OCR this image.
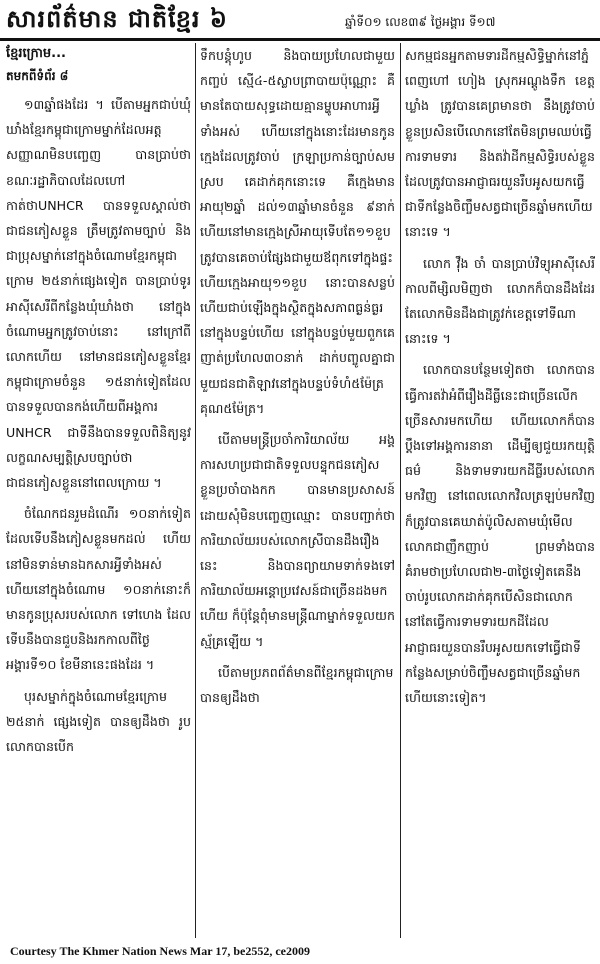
សារព័ត៌មាន ជាតិខ្មែរ ៦	ឆ្នាំទី០១ លេខ៣៩ ថ្ងៃអង្គារ ទី១៧
ខ្មែរក្រោម...
តមកពីទំព័រ ៨

១៣ឆ្នាំផងដែរ ។ បើតាមអ្នកជាប់ឃុំឃាំងខ្មែរកម្ពុជាក្រោមម្នាក់ដែលអត្តសញ្ញាណមិនបញ្ចេញ បានប្រាប់ថា ខណៈរដ្ឋាភិបាលដែលហៅកាត់ថាUNHCR បានទទួលស្គាល់ថា ជាជនភៀសខ្លួន ត្រឹមត្រូវតាមច្បាប់ និងជាប្រុសម្នាក់នៅក្នុងចំណោមខ្មែរកម្ពុជាក្រោម ២៥នាក់ផ្សេងទៀត បានប្រាប់ទូរអាស៊ីសេរីពីកន្លែងឃុំឃាំងថា នៅក្នុងចំណោមអ្នកត្រូវចាប់នោះ នៅក្រៅពីលោកហើយ នៅមានជនភៀសខ្លួនខ្មែរកម្ពុជាក្រោមចំនួន ១៥នាក់ទៀតដែលបានទទួលបានកង់ហើយពីអង្គការ UNHCR ជាទីនឹងបានទទួលពិនិត្យនូវលក្ខណសម្បត្តិស្របច្បាប់ថា ជាជនភៀសខ្លួននៅពេលក្រោយ ។

ចំណែកជនរួមដំណើរ ១០នាក់ទៀត ដែលទើបនឹងភៀសខ្លួនមកដល់ ហើយនៅមិនទាន់មានឯកសារអ្វីទាំងអស់ ហើយនៅក្នុងចំណោម ១០នាក់នោះក៏មានកូនប្រុសរបស់លោក ទៅហេង ដែលទើបនឹងបានជួបនិងរកកាលពីថ្ងៃអង្គារទី១០ ខែមីនានេះផងដែរ ។

បុរសម្នាក់ក្នុងចំណោមខ្មែរក្រោម ២៥នាក់ ផ្សេងទៀត បានឲ្យដឹងថា រូបលោកបានបើក

ទឹកបន្តុំហូប និងបាយប្រហែលជាមួយកញ្ចប់ ស្មើ៤-៥ស្លាបព្រាបាយប៉ុណ្ណោះ គឺមានតែបាយសុទ្ធដោយគ្មានម្ហូបអាហារអ្វីទាំងអស់ ហើយនៅក្នុងនោះដែរមានកូនក្មេងដែលត្រូវចាប់ ក្រឡាប្រកាន់ច្បាប់សមស្រប គេដាក់គុកនោះទេ គឺក្មេងមានអាយុ២ឆ្នាំ ដល់១៣ឆ្នាំមានចំនួន ៩នាក់ ហើយនៅមានក្មេងស្រីអាយុទើបតែ១១ខួប ត្រូវបានគេចាប់ផ្សែងជាមួយឪពុកទៅក្នុងផ្ទះ ហើយក្មេងអាយុ១១ខួប នោះបានសន្លប់ ហើយជាប់ឡើងក្នុងស្ថិតក្នុងសភាពធ្ងន់ធ្ងរនៅក្នុងបន្ទប់ហើយ នៅក្នុងបន្ទប់មួយពួកគេញាត់ប្រហែល៣០នាក់ ដាក់បញ្ចូលគ្នាជាមួយជនជាតិឡាវនៅក្នុងបន្ទប់ទំហំ៥ម៉ែត្រគុណ៥ម៉ែត្រ។

បើតាមមន្ត្រីប្រចាំការិយាល័យ អង្គការសហប្រជាជាតិទទួលបន្ទុកជនភៀសខ្លួនប្រចាំបាងកក បានមានប្រសាសន៍ដោយសុំមិនបញ្ចេញឈ្មោះ បានបញ្ជាក់ថា ការិយាល័យរបស់លោកស្រីបានដឹងរឿងនេះ និងបានព្យាយាមទាក់ទងទៅការិយាល័យអន្តោប្រវេសន៍ជាច្រើនដងមកហើយ ក៏ប៉ុន្តែពុំមានមន្ត្រីណាម្នាក់ទទួលយកស្ម័គ្រឡើយ ។

បើតាមប្រភពព័ត៌មានពីខ្មែរកម្ពុជាក្រោម បានឲ្យដឹងថា

សកម្មជនអ្នកតាមទារដីកម្មសិទ្ធិម្នាក់នៅភ្នំពេញហៅ ហៀង ស្រុកអណ្ដូងទឹក ខេត្តឃ្លាំង ត្រូវបានគេព្រមានថា នឹងត្រូវចាប់ខ្លួនប្រសិនបើលោកនៅតែមិនព្រមឈប់ធ្វើការទាមទារ និងតវ៉ាដីកម្មសិទ្ធិរបស់ខ្លួនដែលត្រូវបានអាជ្ញាធរយួនរឹបអូសយកធ្វើជាទីកន្លែងចិញ្ចឹមសត្វជាច្រើនឆ្នាំមកហើយនោះទេ ។

លោក វ៉ឹង ចាំ បានប្រាប់វិទ្យុអាស៊ីសេរីកាលពីម្សិលមិញថា លោកក៏បានដឹងដែរ តែលោកមិនដឹងជាត្រូវក់ខេត្តទៅទីណានោះទេ ។

លោកបានបន្ថែមទៀតថា លោកបានធ្វើការតវ៉ាអំពីរឿងដីធ្លីនេះជាច្រើនលើកច្រើនសារមកហើយ ហើយលោកក៏បានប្ដឹងទៅអង្គការនានា ដើម្បីឲ្យជួយរកយុត្តិធម៌ និងទាមទារយកដីធ្លីរបស់លោកមកវិញ នៅពេលលោកវិលត្រឡប់មកវិញក៏ត្រូវបានគេឃាត់ប៉ូលិសតាមឃុំមើលលោកជាញឹកញាប់ ព្រមទាំងបានគំរាមថាប្រហែលជា២-៣ថ្ងៃទៀតគេនឹងចាប់រូបលោកដាក់គុកបើសិនជាលោកនៅតែធ្វើការទាមទារយកដីដែលអាជ្ញាធរយួនបានរឹបអូសយកទៅធ្វើជាទីកន្លែងសម្រាប់ចិញ្ចឹមសត្វជាច្រើនឆ្នាំមកហើយនោះទៀត។

Courtesy The Khmer Nation News Mar 17, be2552, ce2009
